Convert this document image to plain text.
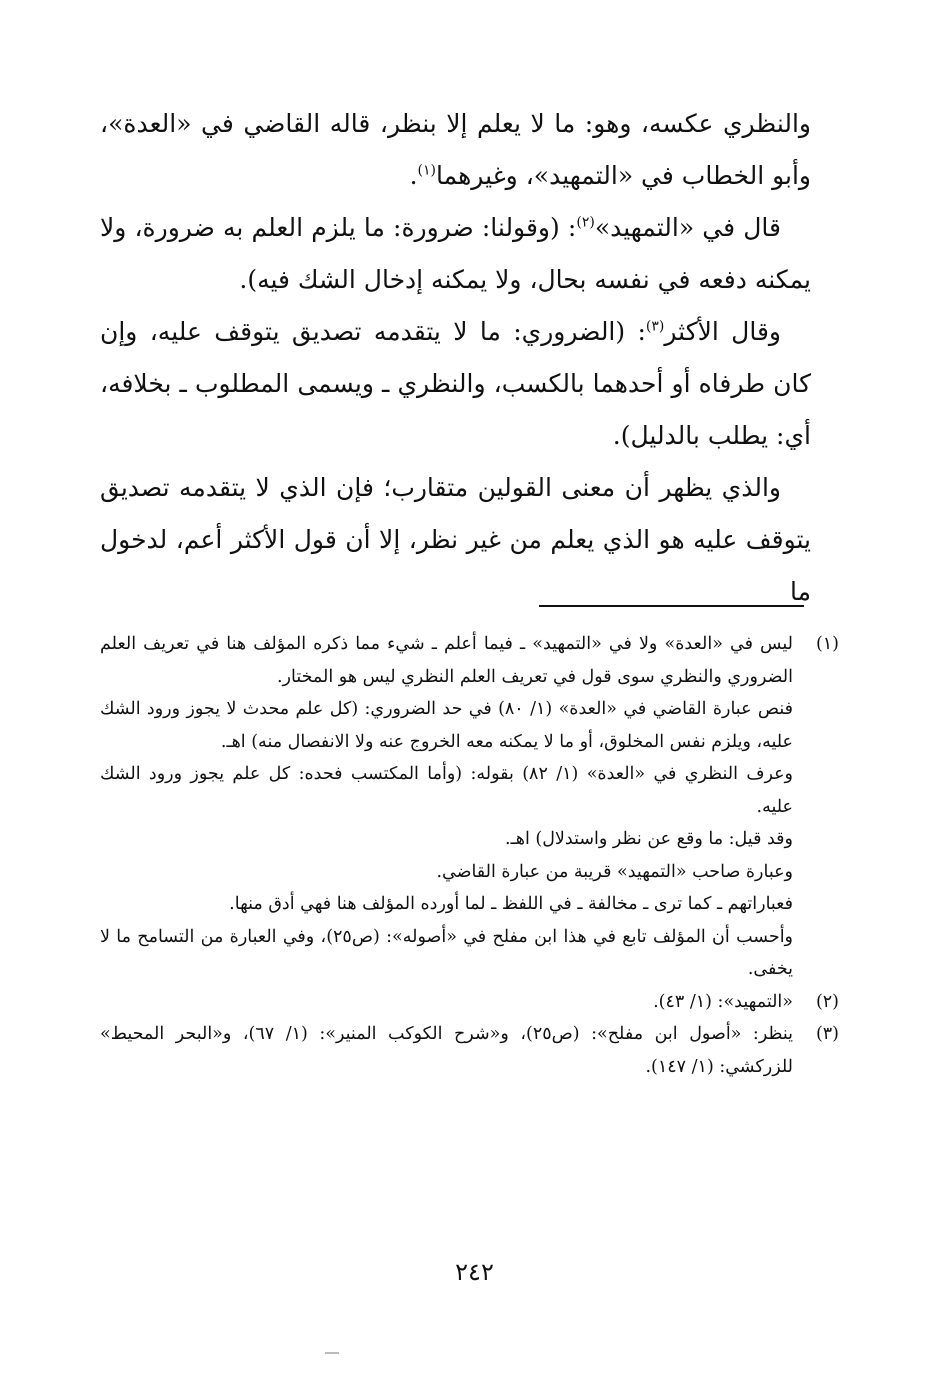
والنظري عكسه، وهو: ما لا يعلم إلا بنظر، قاله القاضي في «العدة»، وأبو الخطاب في «التمهيد»، وغيرهما$^{(١)}$.

قال في «التمهيد»$^{(٢)}$: (وقولنا: ضرورة: ما يلزم العلم به ضرورة، ولا يمكنه دفعه في نفسه بحال، ولا يمكنه إدخال الشك فيه).

وقال الأكثر$^{(٣)}$: (الضروري: ما لا يتقدمه تصديق يتوقف عليه، وإن كان طرفاه أو أحدهما بالكسب، والنظري ـ ويسمى المطلوب ـ بخلافه، أي: يطلب بالدليل).

والذي يظهر أن معنى القولين متقارب؛ فإن الذي لا يتقدمه تصديق يتوقف عليه هو الذي يعلم من غير نظر، إلا أن قول الأكثر أعم، لدخول ما

(١)
ليس في «العدة» ولا في «التمهيد» ـ فيما أعلم ـ شيء مما ذكره المؤلف هنا في تعريف العلم الضروري والنظري سوى قول في تعريف العلم النظري ليس هو المختار.
فنص عبارة القاضي في «العدة» (١/ ٨٠) في حد الضروري: (كل علم محدث لا يجوز ورود الشك عليه، ويلزم نفس المخلوق، أو ما لا يمكنه معه الخروج عنه ولا الانفصال منه) اهـ.
وعرف النظري في «العدة» (١/ ٨٢) بقوله: (وأما المكتسب فحده: كل علم يجوز ورود الشك عليه.
وقد قيل: ما وقع عن نظر واستدلال) اهـ.
وعبارة صاحب «التمهيد» قريبة من عبارة القاضي.
فعباراتهم ـ كما ترى ـ مخالفة ـ في اللفظ ـ لما أورده المؤلف هنا فهي أدق منها.
وأحسب أن المؤلف تابع في هذا ابن مفلح في «أصوله»: (ص٢٥)، وفي العبارة من التسامح ما لا يخفى.
(٢)
«التمهيد»: (١/ ٤٣).
(٣)
ينظر: «أصول ابن مفلح»: (ص٢٥)، و«شرح الكوكب المنير»: (١/ ٦٧)، و«البحر المحيط» للزركشي: (١/ ١٤٧).
٢٤٢
